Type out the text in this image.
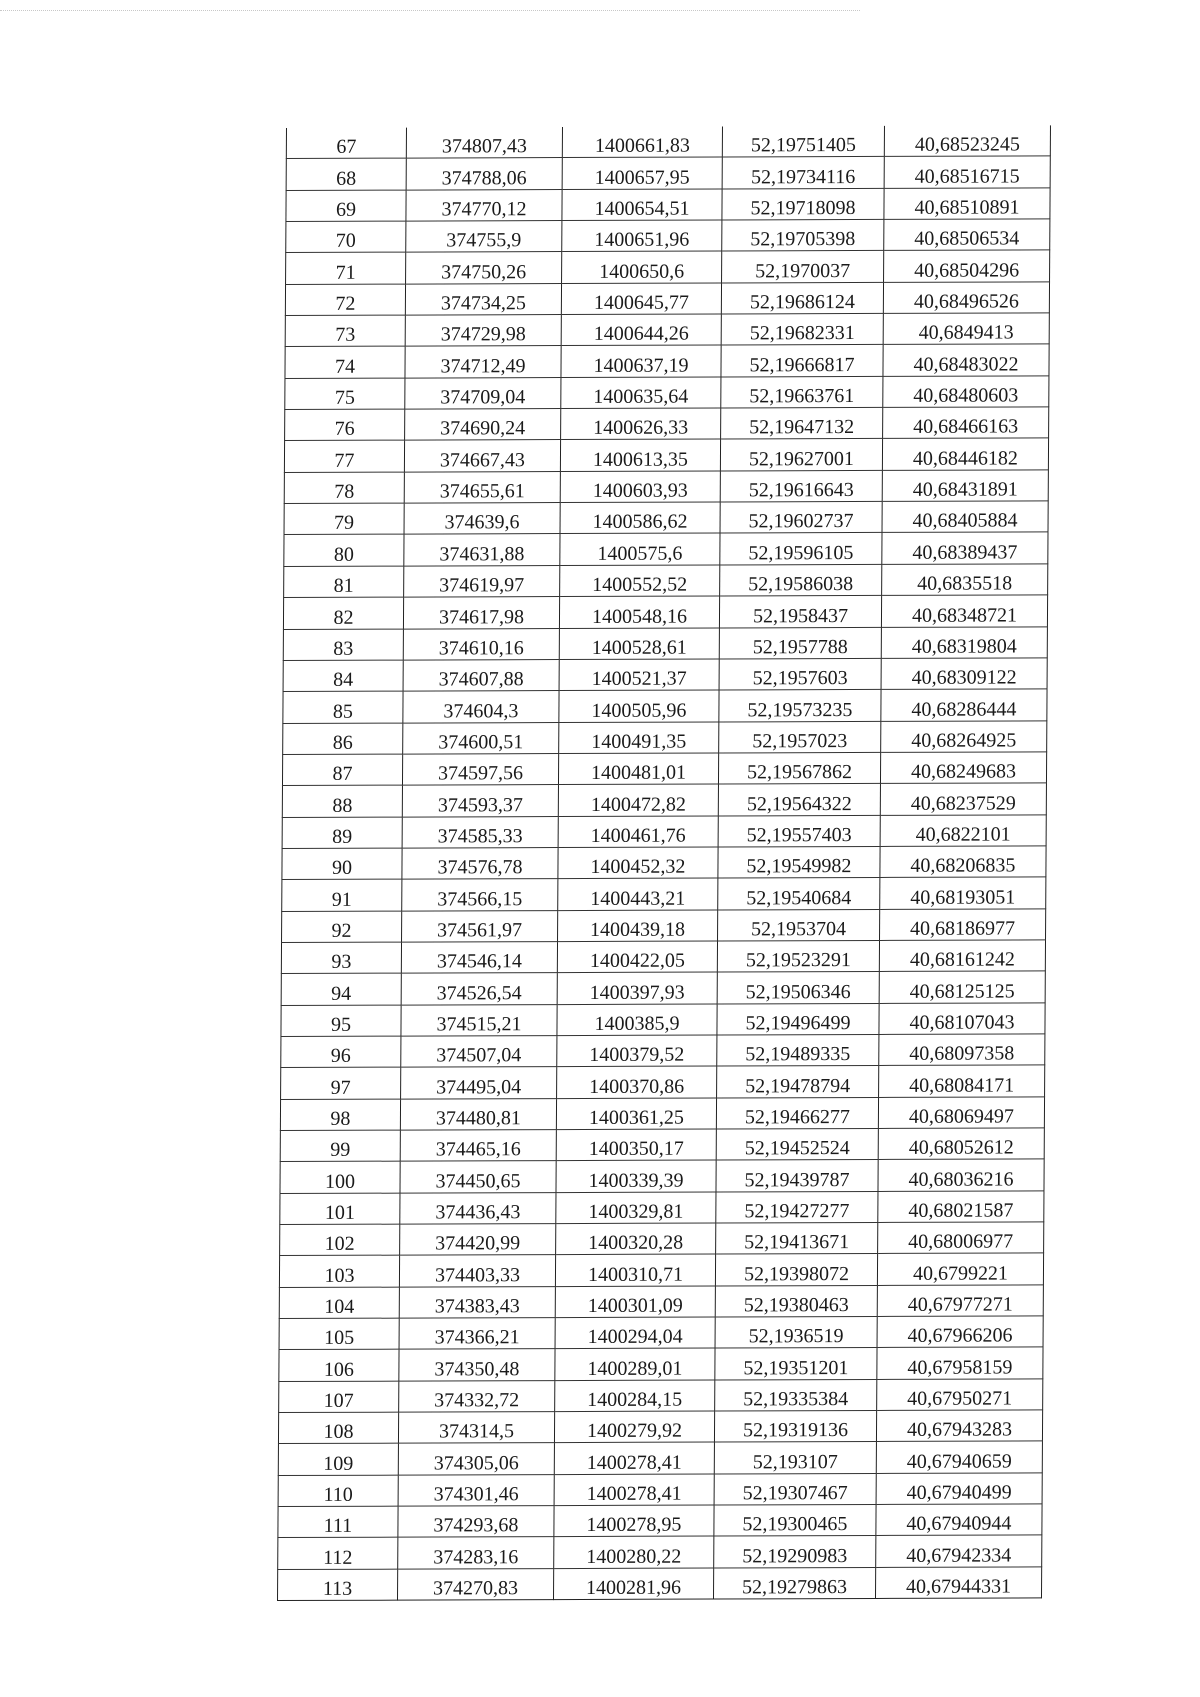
67	374807,43	1400661,83	52,19751405	40,68523245
68	374788,06	1400657,95	52,19734116	40,68516715
69	374770,12	1400654,51	52,19718098	40,68510891
70	374755,9	1400651,96	52,19705398	40,68506534
71	374750,26	1400650,6	52,1970037	40,68504296
72	374734,25	1400645,77	52,19686124	40,68496526
73	374729,98	1400644,26	52,19682331	40,6849413
74	374712,49	1400637,19	52,19666817	40,68483022
75	374709,04	1400635,64	52,19663761	40,68480603
76	374690,24	1400626,33	52,19647132	40,68466163
77	374667,43	1400613,35	52,19627001	40,68446182
78	374655,61	1400603,93	52,19616643	40,68431891
79	374639,6	1400586,62	52,19602737	40,68405884
80	374631,88	1400575,6	52,19596105	40,68389437
81	374619,97	1400552,52	52,19586038	40,6835518
82	374617,98	1400548,16	52,1958437	40,68348721
83	374610,16	1400528,61	52,1957788	40,68319804
84	374607,88	1400521,37	52,1957603	40,68309122
85	374604,3	1400505,96	52,19573235	40,68286444
86	374600,51	1400491,35	52,1957023	40,68264925
87	374597,56	1400481,01	52,19567862	40,68249683
88	374593,37	1400472,82	52,19564322	40,68237529
89	374585,33	1400461,76	52,19557403	40,6822101
90	374576,78	1400452,32	52,19549982	40,68206835
91	374566,15	1400443,21	52,19540684	40,68193051
92	374561,97	1400439,18	52,1953704	40,68186977
93	374546,14	1400422,05	52,19523291	40,68161242
94	374526,54	1400397,93	52,19506346	40,68125125
95	374515,21	1400385,9	52,19496499	40,68107043
96	374507,04	1400379,52	52,19489335	40,68097358
97	374495,04	1400370,86	52,19478794	40,68084171
98	374480,81	1400361,25	52,19466277	40,68069497
99	374465,16	1400350,17	52,19452524	40,68052612
100	374450,65	1400339,39	52,19439787	40,68036216
101	374436,43	1400329,81	52,19427277	40,68021587
102	374420,99	1400320,28	52,19413671	40,68006977
103	374403,33	1400310,71	52,19398072	40,6799221
104	374383,43	1400301,09	52,19380463	40,67977271
105	374366,21	1400294,04	52,1936519	40,67966206
106	374350,48	1400289,01	52,19351201	40,67958159
107	374332,72	1400284,15	52,19335384	40,67950271
108	374314,5	1400279,92	52,19319136	40,67943283
109	374305,06	1400278,41	52,193107	40,67940659
110	374301,46	1400278,41	52,19307467	40,67940499
111	374293,68	1400278,95	52,19300465	40,67940944
112	374283,16	1400280,22	52,19290983	40,67942334
113	374270,83	1400281,96	52,19279863	40,67944331
